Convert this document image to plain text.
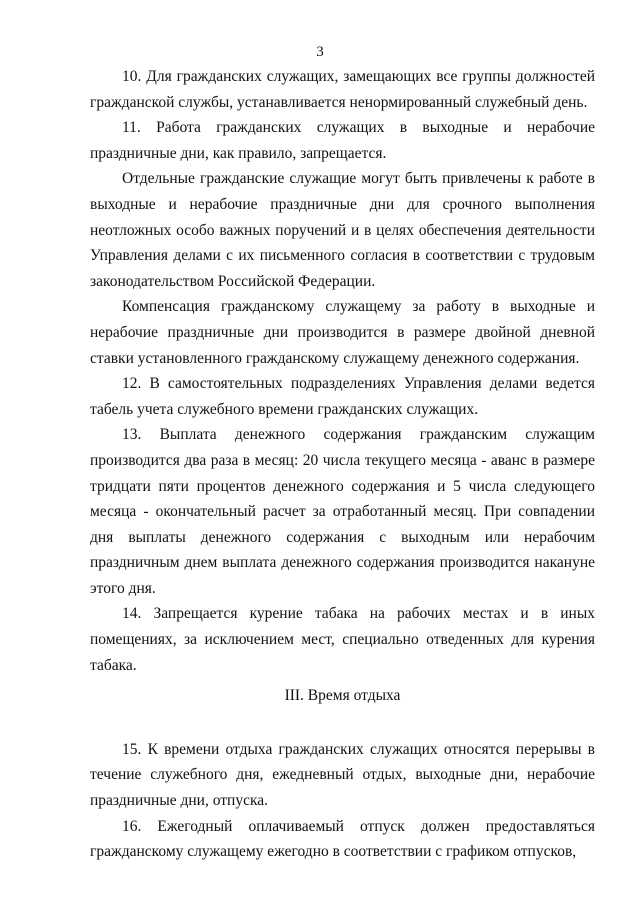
3

10. Для гражданских служащих, замещающих все группы должностей гражданской службы, устанавливается ненормированный служебный день.

11. Работа гражданских служащих в выходные и нерабочие праздничные дни, как правило, запрещается.

Отдельные гражданские служащие могут быть привлечены к работе в выходные и нерабочие праздничные дни для срочного выполнения неотложных особо важных поручений и в целях обеспечения деятельности Управления делами с их письменного согласия в соответствии с трудовым законодательством Российской Федерации.

Компенсация гражданскому служащему за работу в выходные и нерабочие праздничные дни производится в размере двойной дневной ставки установленного гражданскому служащему денежного содержания.

12. В самостоятельных подразделениях Управления делами ведется табель учета служебного времени гражданских служащих.

13. Выплата денежного содержания гражданским служащим производится два раза в месяц: 20 числа текущего месяца - аванс в размере тридцати пяти процентов денежного содержания и 5 числа следующего месяца - окончательный расчет за отработанный месяц. При совпадении дня выплаты денежного содержания с выходным или нерабочим праздничным днем выплата денежного содержания производится накануне этого дня.

14. Запрещается курение табака на рабочих местах и в иных помещениях, за исключением мест, специально отведенных для курения табака.

III. Время отдыха

15. К времени отдыха гражданских служащих относятся перерывы в течение служебного дня, ежедневный отдых, выходные дни, нерабочие праздничные дни, отпуска.

16. Ежегодный оплачиваемый отпуск должен предоставляться гражданскому служащему ежегодно в соответствии с графиком отпусков,
